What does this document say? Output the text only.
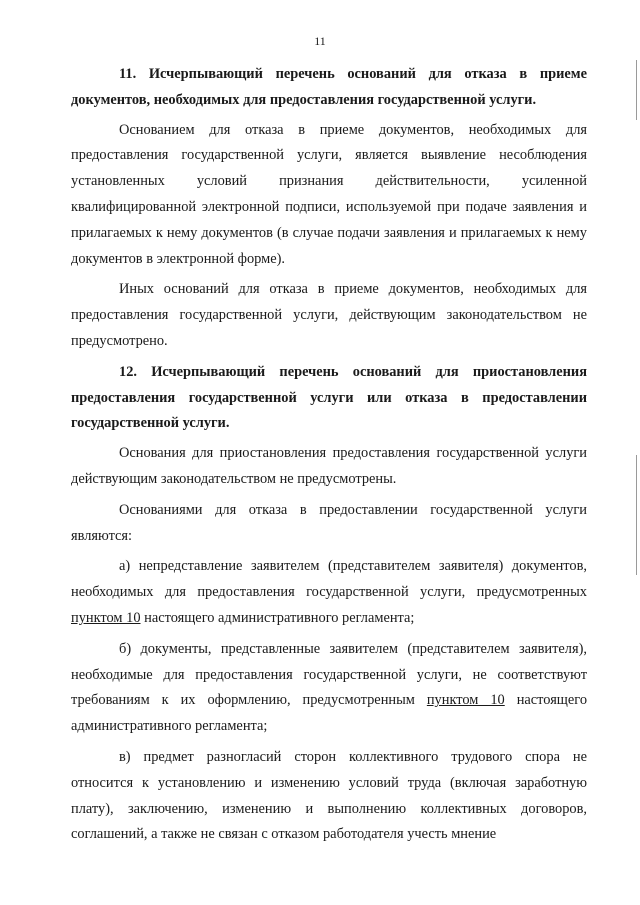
11

11. Исчерпывающий перечень оснований для отказа в приеме документов, необходимых для предоставления государственной услуги.

Основанием для отказа в приеме документов, необходимых для предоставления государственной услуги, является выявление несоблюдения установленных условий признания действительности, усиленной квалифицированной электронной подписи, используемой при подаче заявления и прилагаемых к нему документов (в случае подачи заявления и прилагаемых к нему документов в электронной форме).

Иных оснований для отказа в приеме документов, необходимых для предоставления государственной услуги, действующим законодательством не предусмотрено.

12. Исчерпывающий перечень оснований для приостановления предоставления государственной услуги или отказа в предоставлении государственной услуги.

Основания для приостановления предоставления государственной услуги действующим законодательством не предусмотрены.

Основаниями для отказа в предоставлении государственной услуги являются:

а) непредставление заявителем (представителем заявителя) документов, необходимых для предоставления государственной услуги, предусмотренных пунктом 10 настоящего административного регламента;

б) документы, представленные заявителем (представителем заявителя), необходимые для предоставления государственной услуги, не соответствуют требованиям к их оформлению, предусмотренным пунктом 10 настоящего административного регламента;

в) предмет разногласий сторон коллективного трудового спора не относится к установлению и изменению условий труда (включая заработную плату), заключению, изменению и выполнению коллективных договоров, соглашений, а также не связан с отказом работодателя учесть мнение
